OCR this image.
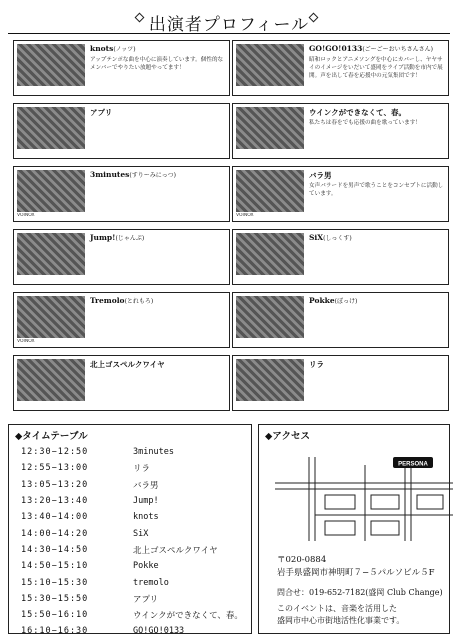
出演者プロフィール
knots(ノッツ)
アップテンポな曲を中心に演奏しています。個性的なメンバーでやりたい放題やってます！
GO!GO!0133(ごーごーおいちさんさん)
昭和ロックとアニメソングを中心にカバーし、ヤヤサイのイメージをいだいて盛岡をライブ活動を市内で展開。声を出して春を応援中の元気集団です！
アプリ	ウインクができなくて、春。
私たちは春をでも応援の曲を歌っています！
VOINOX
3minutes(すりーみにっつ)
VOINOX
バラ男
女声バラードを男声で歌うことをコンセプトに活動しています。
Jump!(じゃんぷ)	SiX(しっくす)
VOINOX
Tremolo(とれもろ)	Pokke(ぽっけ)
北上ゴスペルクワイヤ	リラ
◆タイムテーブル
12:30−12:50	3minutes
12:55−13:00	リラ
13:05−13:20	バラ男
13:20−13:40	Jump!
13:40−14:00	knots
14:00−14:20	SiX
14:30−14:50	北上ゴスペルクワイヤ
14:50−15:10	Pokke
15:10−15:30	tremolo
15:30−15:50	アプリ
15:50−16:10	ウインクができなくて、春。
16:10−16:30	GO!GO!0133
◆アクセス
PERSONA
〒020-0884
岩手県盛岡市神明町７−５パルソビル５F
問合せ：019-652-7182(盛岡 Club Change)
このイベントは、音楽を活用した
盛岡市中心市街地活性化事業です。
